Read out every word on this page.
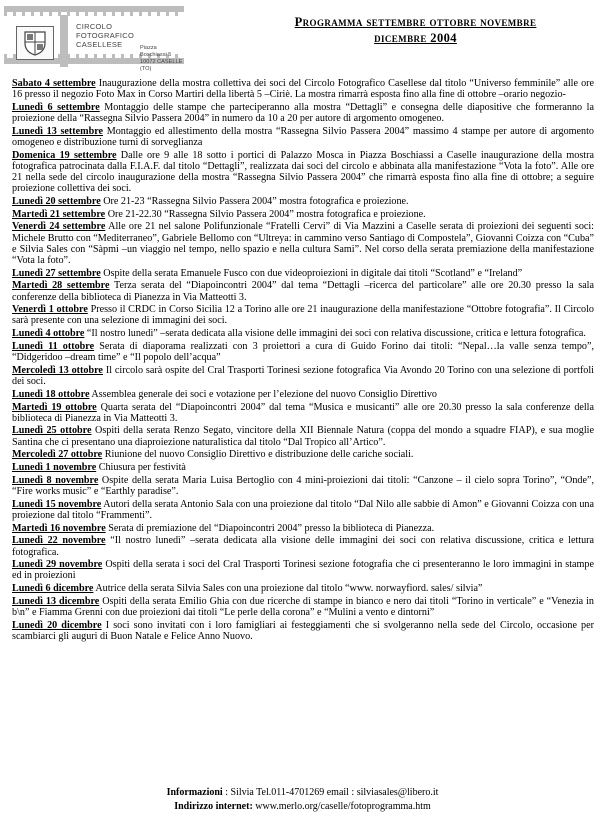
CIRCOLO
FOTOGRAFICO
CASELLESE	Piazza Boschiassi 5
10072 CASELLE (TO)
Programma settembre ottobre novembre
dicembre 2004
Sabato 4 settembre Inaugurazione della mostra collettiva dei soci del Circolo Fotografico Casellese dal titolo “Universo femminile” alle ore 16 presso il negozio Foto Max in Corso Martiri della libertà 5 –Ciriè. La mostra rimarrà esposta fino alla fine di ottobre –orario negozio-
Lunedì 6 settembre Montaggio delle stampe che parteciperanno alla mostra “Dettagli” e consegna delle diapositive che formeranno la proiezione della “Rassegna Silvio Passera 2004” in numero da 10 a 20 per autore di argomento omogeneo.
Lunedì 13 settembre Montaggio ed allestimento della mostra “Rassegna Silvio Passera 2004” massimo 4 stampe per autore di argomento omogeneo e distribuzione turni di sorveglianza
Domenica 19 settembre Dalle ore 9 alle 18 sotto i portici di Palazzo Mosca in Piazza Boschiassi a Caselle inaugurazione della mostra fotografica patrocinata dalla F.I.A.F. dal titolo “Dettagli”, realizzata dai soci del circolo e abbinata alla manifestazione “Vota la foto”. Alle ore 21 nella sede del circolo inaugurazione della mostra “Rassegna Silvio Passera 2004” che rimarrà esposta fino alla fine di ottobre; a seguire proiezione collettiva dei soci.
Lunedì 20 settembre Ore 21-23 “Rassegna Silvio Passera 2004” mostra fotografica e proiezione.
Martedì 21 settembre Ore 21-22.30 “Rassegna Silvio Passera 2004” mostra fotografica e proiezione.
Venerdì 24 settembre Alle ore 21 nel salone Polifunzionale “Fratelli Cervi” di Via Mazzini a Caselle serata di proiezioni dei seguenti soci: Michele Brutto con “Mediterraneo”, Gabriele Bellomo con “Ultreya: in cammino verso Santiago di Compostela”, Giovanni Coizza con “Cuba” e Silvia Sales con “Sàpmi –un viaggio nel tempo, nello spazio e nella cultura Sami”. Nel corso della serata premiazione della manifestazione “Vota la foto”.
Lunedì 27 settembre Ospite della serata Emanuele Fusco con due videoproiezioni in digitale dai titoli “Scotland” e “Ireland”
Martedì 28 settembre Terza serata del “Diapoincontri 2004” dal tema “Dettagli –ricerca del particolare” alle ore 20.30 presso la sala conferenze della biblioteca di Pianezza in Via Matteotti 3.
Venerdì 1 ottobre Presso il CRDC in Corso Sicilia 12 a Torino alle ore 21 inaugurazione della manifestazione “Ottobre fotografia”. Il Circolo sarà presente con una selezione di immagini dei soci.
Lunedì 4 ottobre “Il nostro lunedì” –serata dedicata alla visione delle immagini dei soci con relativa discussione, critica e lettura fotografica.
Lunedì 11 ottobre Serata di diaporama realizzati con 3 proiettori a cura di Guido Forino dai titoli: “Nepal…la valle senza tempo”, “Didgeridoo –dream time” e “Il popolo dell’acqua”
Mercoledì 13 ottobre Il circolo sarà ospite del Cral Trasporti Torinesi sezione fotografica Via Avondo 20 Torino con una selezione di portfoli dei soci.
Lunedì 18 ottobre Assemblea generale dei soci e votazione per l’elezione del nuovo Consiglio Direttivo
Martedì 19 ottobre Quarta serata del “Diapoincontri 2004” dal tema “Musica e musicanti” alle ore 20.30 presso la sala conferenze della biblioteca di Pianezza in Via Matteotti 3.
Lunedì 25 ottobre Ospiti della serata Renzo Segato, vincitore della XII Biennale Natura (coppa del mondo a squadre FIAP), e sua moglie Santina che ci presentano una diaproiezione naturalistica dal titolo “Dal Tropico all’Artico”.
Mercoledì 27 ottobre Riunione del nuovo Consiglio Direttivo e distribuzione delle cariche sociali.
Lunedì 1 novembre Chiusura per festività
Lunedì 8 novembre Ospite della serata Maria Luisa Bertoglio con 4 mini-proiezioni dai titoli: “Canzone – il cielo sopra Torino”, “Onde”, “Fire works music” e “Earthly paradise”.
Lunedì 15 novembre Autori della serata Antonio Sala con una proiezione dal titolo “Dal Nilo alle sabbie di Amon” e Giovanni Coizza con una proiezione dal titolo “Frammenti”.
Martedì 16 novembre Serata di premiazione del “Diapoincontri 2004” presso la biblioteca di Pianezza.
Lunedì 22 novembre “Il nostro lunedì” –serata dedicata alla visione delle immagini dei soci con relativa discussione, critica e lettura fotografica.
Lunedì 29 novembre Ospiti della serata i soci del Cral Trasporti Torinesi sezione fotografia che ci presenteranno le loro immagini in stampe ed in proiezioni
Lunedì 6 dicembre Autrice della serata Silvia Sales con una proiezione dal titolo “www. norwayfiord. sales/ silvia”
Lunedì 13 dicembre Ospiti della serata Emilio Ghia con due ricerche di stampe in bianco e nero dai titoli “Torino in verticale” e “Venezia in b\n” e Fiamma Grenni con due proiezioni dai titoli “Le perle della corona” e “Mulini a vento e dintorni”
Lunedì 20 dicembre I soci sono invitati con i loro famigliari ai festeggiamenti che si svolgeranno nella sede del Circolo, occasione per scambiarci gli auguri di Buon Natale e Felice Anno Nuovo.
Informazioni : Silvia Tel.011-4701269 email : silviasales@libero.it
Indirizzo internet: www.merlo.org/caselle/fotoprogramma.htm
